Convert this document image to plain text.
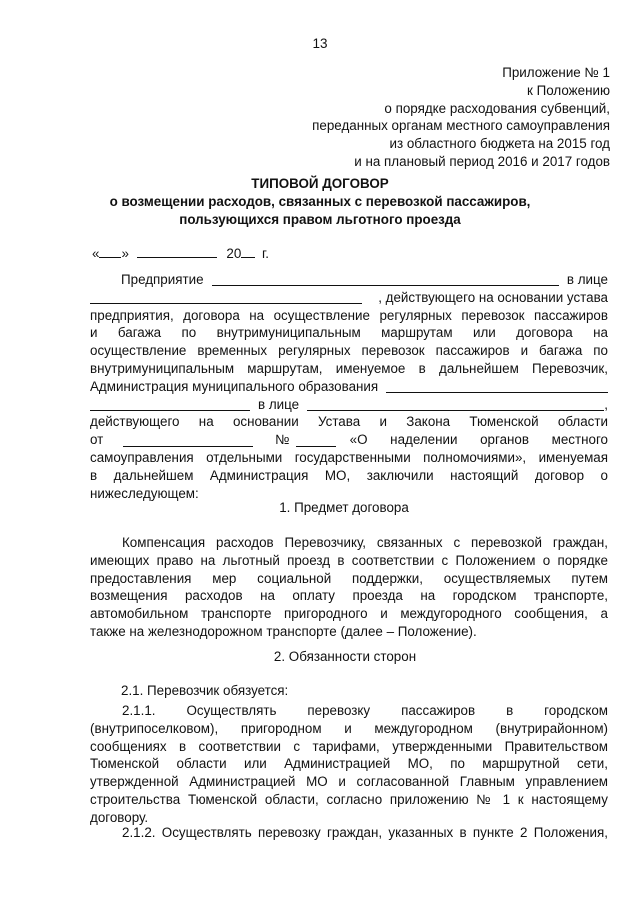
13
Приложение № 1
к Положению
о порядке расходования субвенций,
переданных органам местного самоуправления
из областного бюджета на 2015 год
и на плановый период 2016 и 2017 годов
ТИПОВОЙ ДОГОВОР
о возмещении расходов, связанных с перевозкой пассажиров,
пользующихся правом льготного проезда
« »	20 г.
Предприятие	в лице
, действующего на основании устава
предприятия, договора на осуществление регулярных перевозок пассажиров
и багажа по внутримуниципальным маршрутам или договора на
осуществление временных регулярных перевозок пассажиров и багажа по
внутримуниципальным маршрутам, именуемое в дальнейшем Перевозчик,
Администрация муниципального образования
в лице	,
действующего на основании Устава и Закона Тюменской области
от	№	«О наделении органов местного
самоуправления отдельными государственными полномочиями», именуемая
в дальнейшем Администрация МО, заключили настоящий договор о
нижеследующем:
1. Предмет договора
Компенсация расходов Перевозчику, связанных с перевозкой граждан,
имеющих право на льготный проезд в соответствии с Положением о порядке
предоставления мер социальной поддержки, осуществляемых путем
возмещения расходов на оплату проезда на городском транспорте,
автомобильном транспорте пригородного и междугородного сообщения, а
также на железнодорожном транспорте (далее – Положение).
2. Обязанности сторон
2.1. Перевозчик обязуется:
2.1.1. Осуществлять перевозку пассажиров в городском
(внутрипоселковом), пригородном и междугородном (внутрирайонном)
сообщениях в соответствии с тарифами, утвержденными Правительством
Тюменской области или Администрацией МО, по маршрутной сети,
утвержденной Администрацией МО и согласованной Главным управлением
строительства Тюменской области, согласно приложению № 1 к настоящему
договору.
2.1.2. Осуществлять перевозку граждан, указанных в пункте 2 Положения,
